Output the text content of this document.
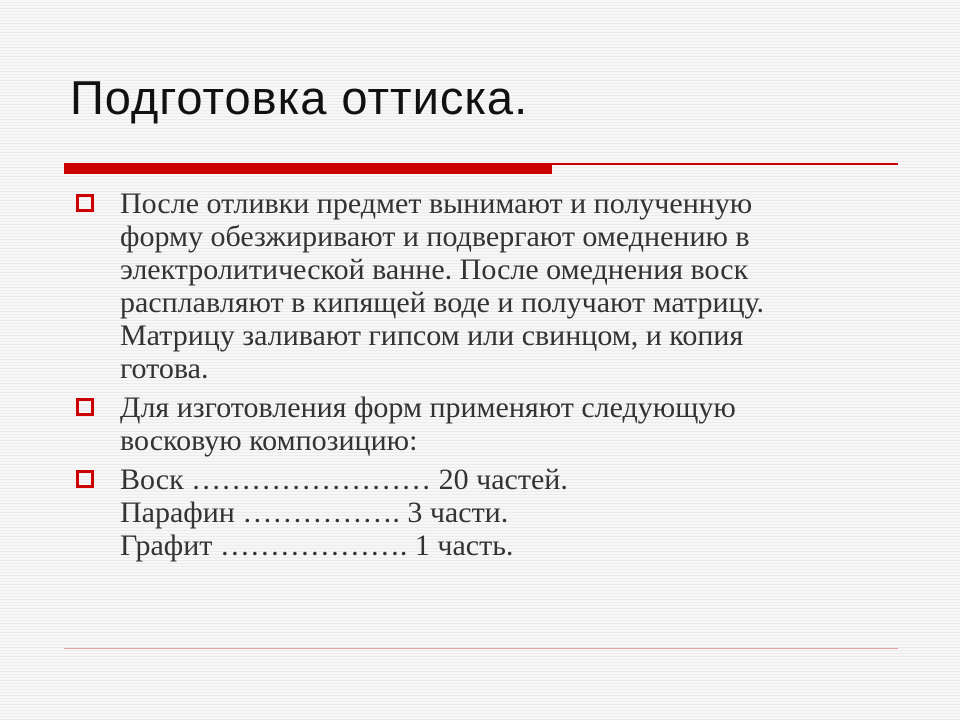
Подготовка оттиска.
После отливки предмет вынимают и полученную
форму обезжиривают и подвергают омеднению в
электролитической ванне. После омеднения воск
расплавляют в кипящей воде и получают матрицу.
Матрицу заливают гипсом или свинцом, и копия
готова.
Для изготовления форм применяют следующую
восковую композицию:
Воск …………………… 20 частей.
Парафин ……………. 3 части.
Графит ………………. 1 часть.
